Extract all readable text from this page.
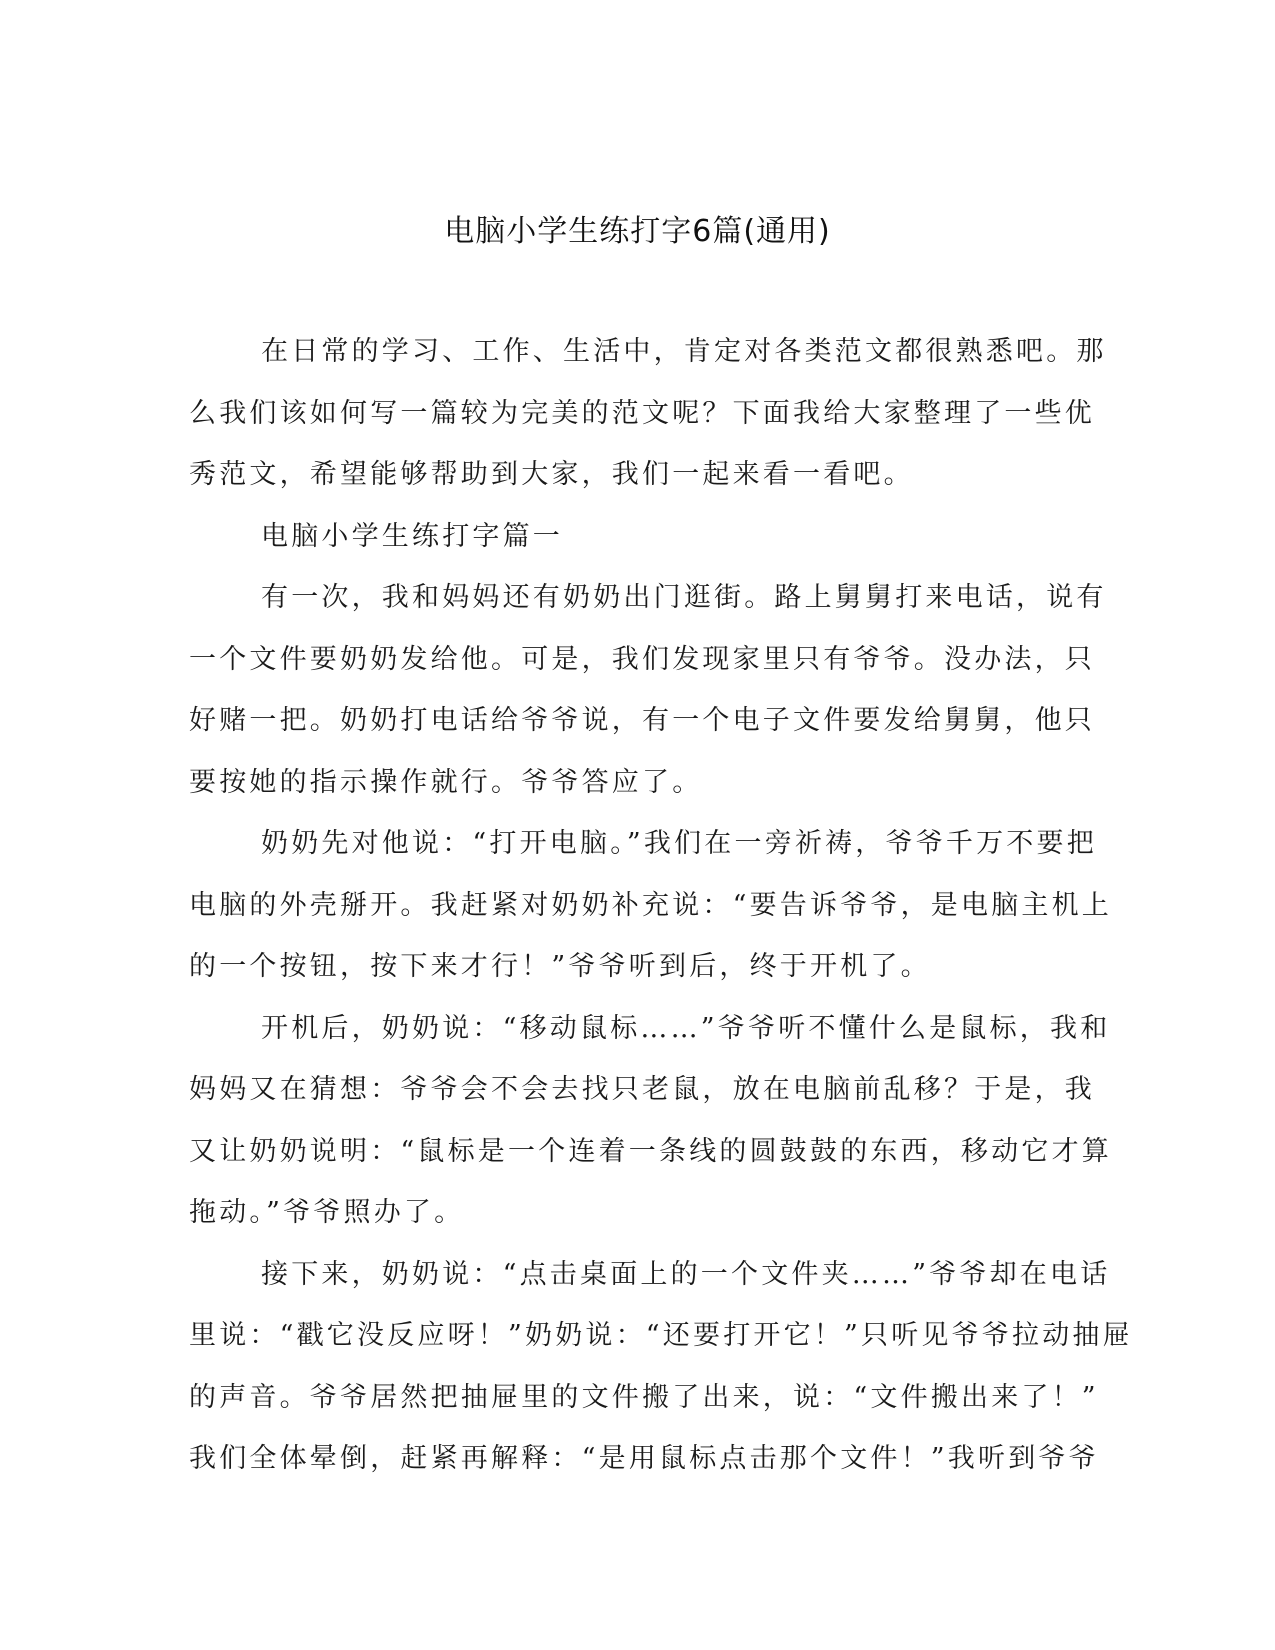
电脑小学生练打字6篇(通用)
在日常的学习、工作、生活中，肯定对各类范文都很熟悉吧。那
么我们该如何写一篇较为完美的范文呢？下面我给大家整理了一些优
秀范文，希望能够帮助到大家，我们一起来看一看吧。
电脑小学生练打字篇一
有一次，我和妈妈还有奶奶出门逛街。路上舅舅打来电话，说有
一个文件要奶奶发给他。可是，我们发现家里只有爷爷。没办法，只
好赌一把。奶奶打电话给爷爷说，有一个电子文件要发给舅舅，他只
要按她的指示操作就行。爷爷答应了。
奶奶先对他说：“打开电脑。”我们在一旁祈祷，爷爷千万不要把
电脑的外壳掰开。我赶紧对奶奶补充说：“要告诉爷爷，是电脑主机上
的一个按钮，按下来才行！”爷爷听到后，终于开机了。
开机后，奶奶说：“移动鼠标……”爷爷听不懂什么是鼠标，我和
妈妈又在猜想：爷爷会不会去找只老鼠，放在电脑前乱移？于是，我
又让奶奶说明：“鼠标是一个连着一条线的圆鼓鼓的东西，移动它才算
拖动。”爷爷照办了。
接下来，奶奶说：“点击桌面上的一个文件夹……”爷爷却在电话
里说：“戳它没反应呀！”奶奶说：“还要打开它！”只听见爷爷拉动抽屉
的声音。爷爷居然把抽屉里的文件搬了出来，说：“文件搬出来了！”
我们全体晕倒，赶紧再解释：“是用鼠标点击那个文件！”我听到爷爷
